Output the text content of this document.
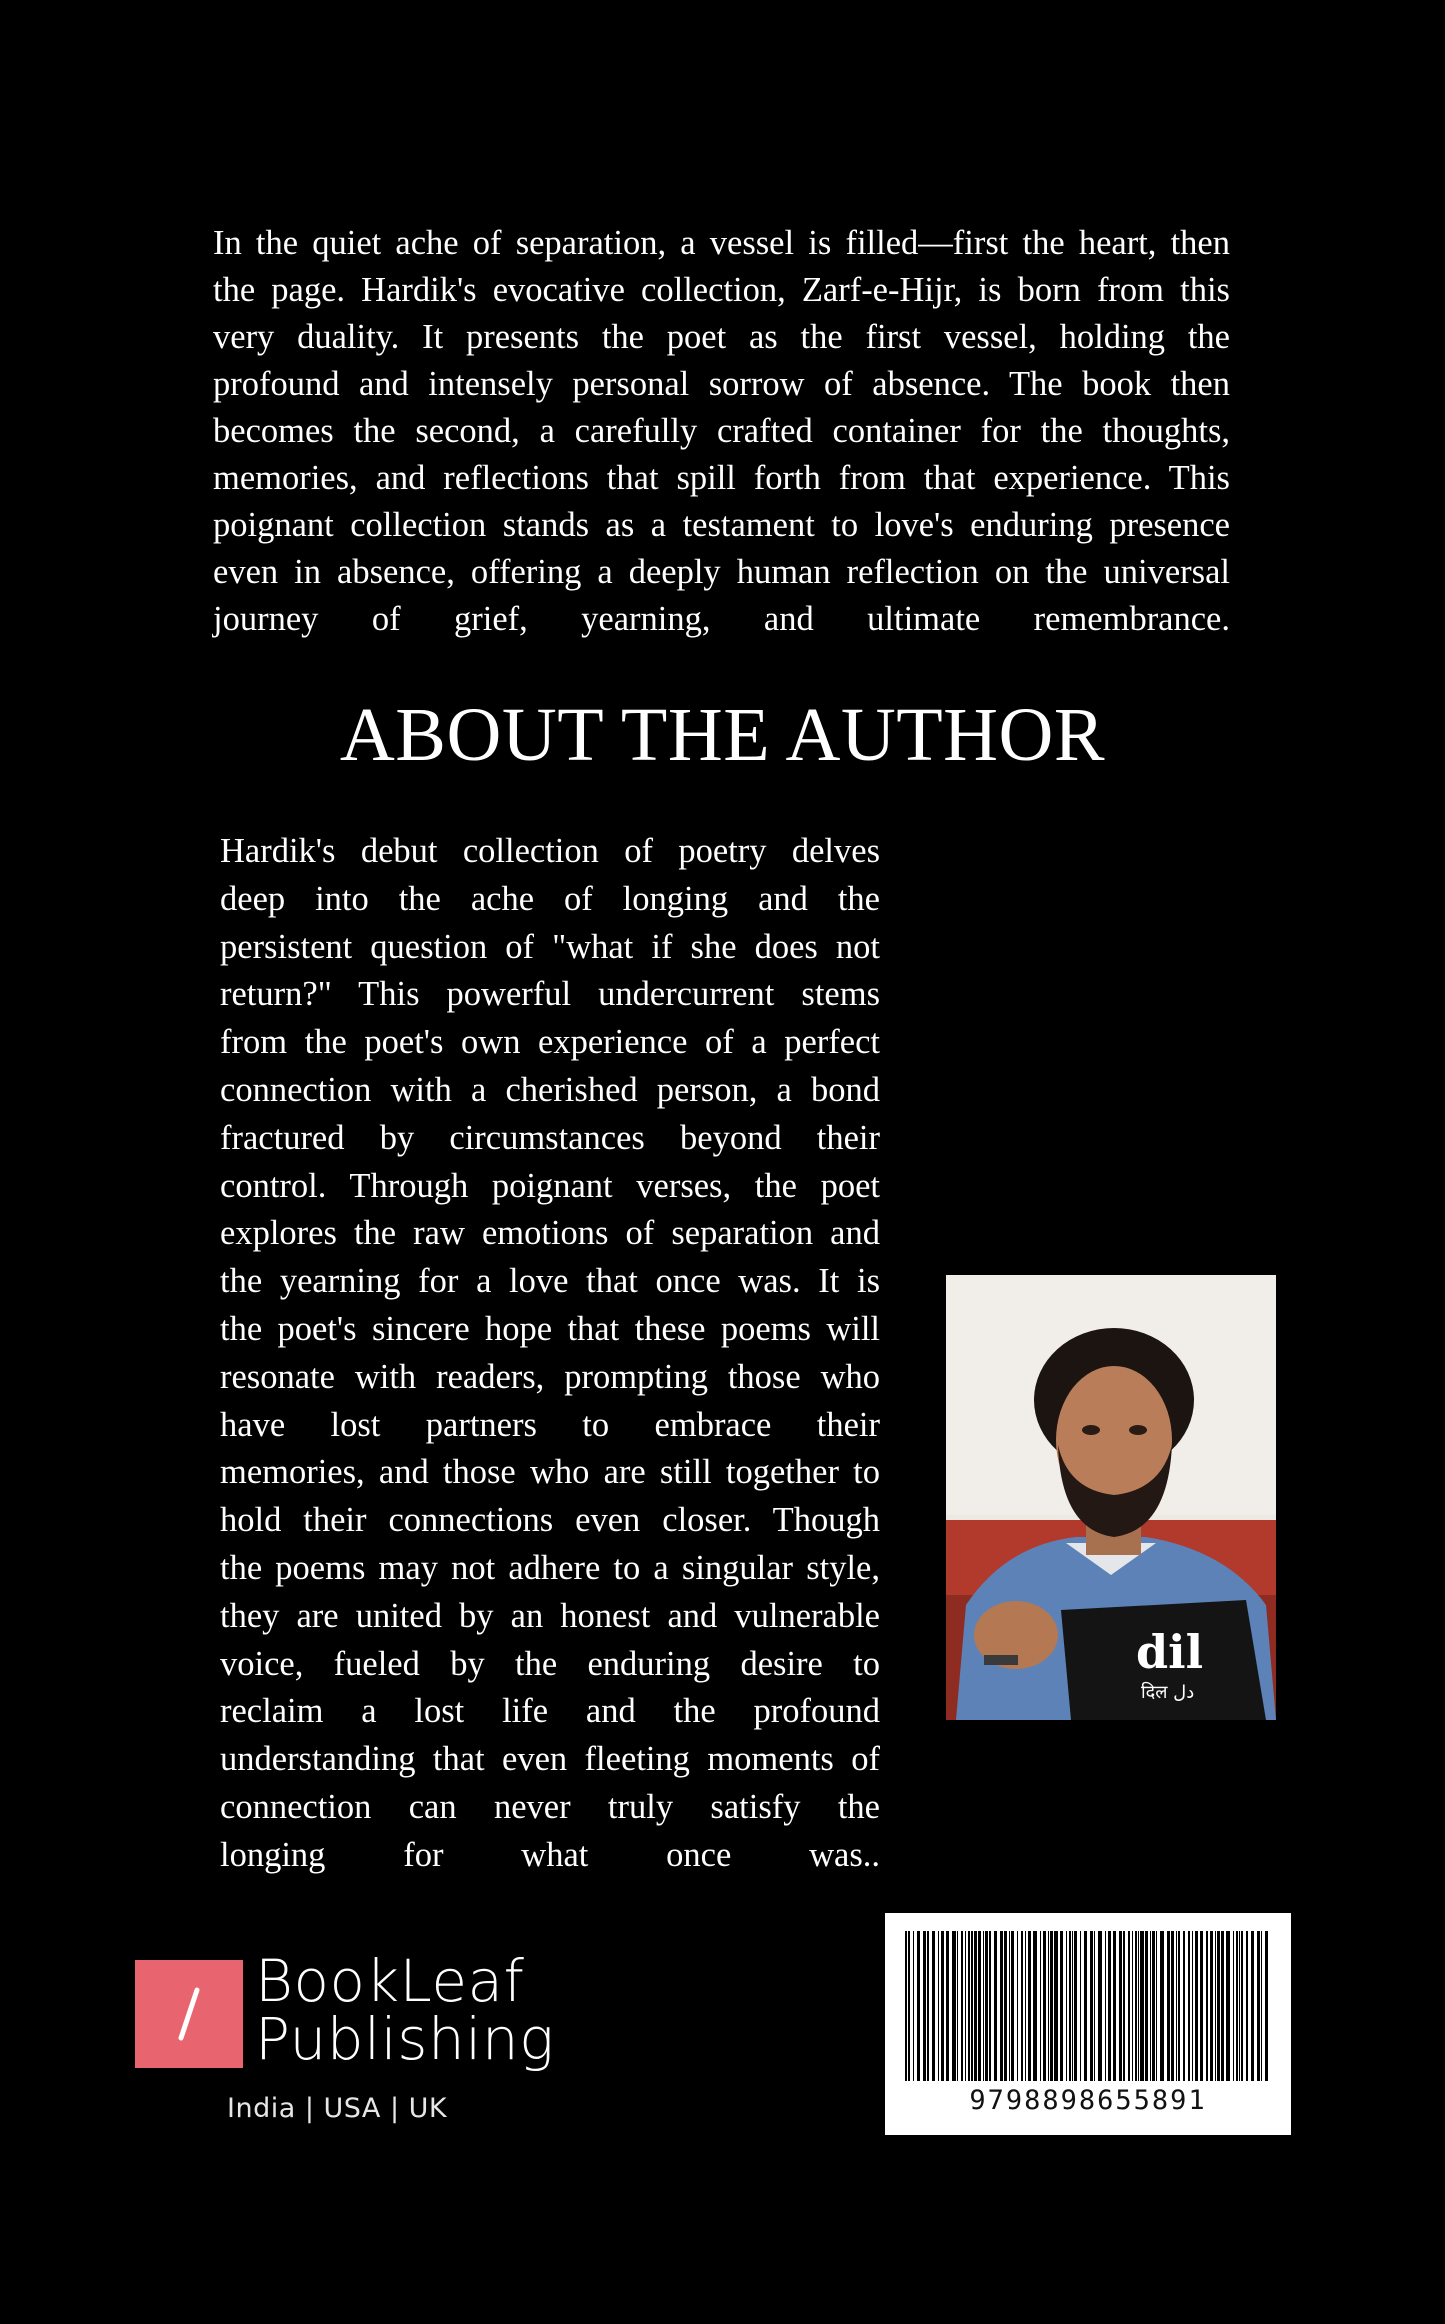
In the quiet ache of separation, a vessel is filled—first the heart, then
the page. Hardik's evocative collection, Zarf-e-Hijr, is born from this
very duality. It presents the poet as the first vessel, holding the
profound and intensely personal sorrow of absence. The book then
becomes the second, a carefully crafted container for the thoughts,
memories, and reflections that spill forth from that experience. This
poignant collection stands as a testament to love's enduring presence
even in absence, offering a deeply human reflection on the universal
journey of grief, yearning, and ultimate remembrance.
ABOUT THE AUTHOR
Hardik's debut collection of poetry delves
deep into the ache of longing and the
persistent question of "what if she does not
return?" This powerful undercurrent stems
from the poet's own experience of a perfect
connection with a cherished person, a bond
fractured by circumstances beyond their
control. Through poignant verses, the poet
explores the raw emotions of separation and
the yearning for a love that once was. It is
the poet's sincere hope that these poems will
resonate with readers, prompting those who
have lost partners to embrace their
memories, and those who are still together to
hold their connections even closer. Though
the poems may not adhere to a singular style,
they are united by an honest and vulnerable
voice, fueled by the enduring desire to
reclaim a lost life and the profound
understanding that even fleeting moments of
connection can never truly satisfy the
longing for what once was..
dil
दिल دل
BookLeaf
Publishing
India | USA | UK	9798898655891
